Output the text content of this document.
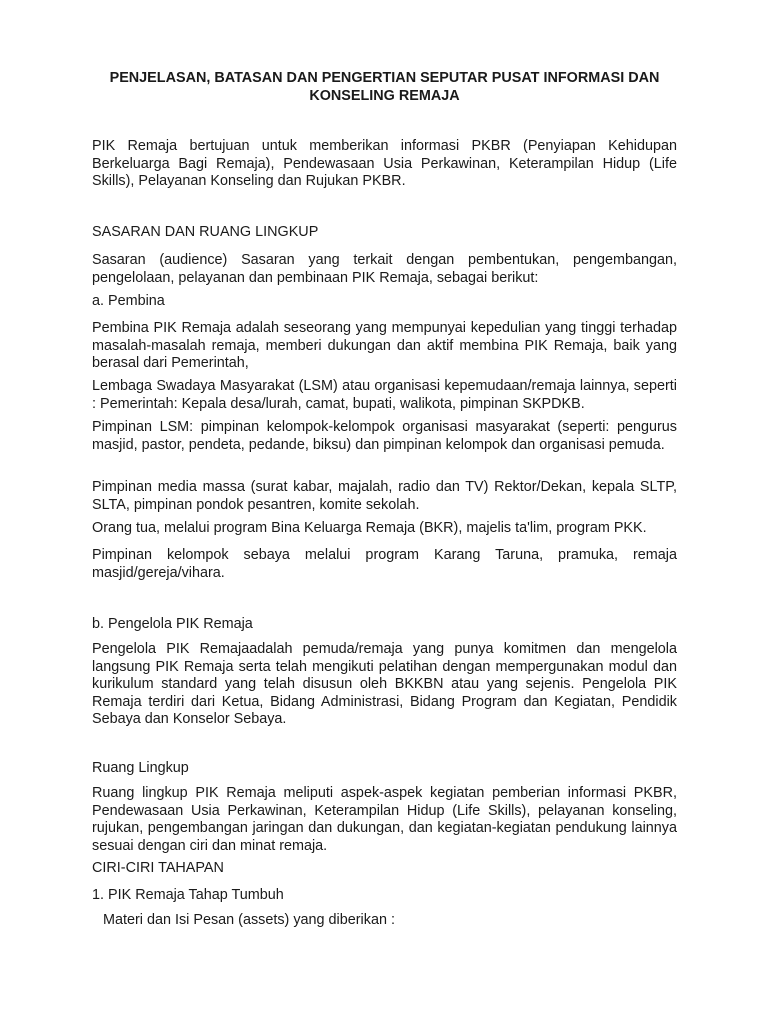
PENJELASAN, BATASAN DAN PENGERTIAN SEPUTAR PUSAT INFORMASI DAN
KONSELING REMAJA

PIK Remaja bertujuan untuk memberikan informasi PKBR (Penyiapan Kehidupan Berkeluarga Bagi Remaja), Pendewasaan Usia Perkawinan, Keterampilan Hidup (Life Skills), Pelayanan Konseling dan Rujukan PKBR.

SASARAN DAN RUANG LINGKUP

Sasaran (audience) Sasaran yang terkait dengan pembentukan, pengembangan, pengelolaan, pelayanan dan pembinaan PIK Remaja, sebagai berikut:

a. Pembina

Pembina PIK Remaja adalah seseorang yang mempunyai kepedulian yang tinggi terhadap masalah-masalah remaja, memberi dukungan dan aktif membina PIK Remaja, baik yang berasal dari Pemerintah,

Lembaga Swadaya Masyarakat (LSM) atau organisasi kepemudaan/remaja lainnya, seperti : Pemerintah: Kepala desa/lurah, camat, bupati, walikota, pimpinan SKPDKB.

Pimpinan LSM: pimpinan kelompok-kelompok organisasi masyarakat (seperti: pengurus masjid, pastor, pendeta, pedande, biksu) dan pimpinan kelompok dan organisasi pemuda.

Pimpinan media massa (surat kabar, majalah, radio dan TV) Rektor/Dekan, kepala SLTP, SLTA, pimpinan pondok pesantren, komite sekolah.

Orang tua, melalui program Bina Keluarga Remaja (BKR), majelis ta'lim, program PKK.

Pimpinan kelompok sebaya melalui program Karang Taruna, pramuka, remaja masjid/gereja/vihara.

b. Pengelola PIK Remaja

Pengelola PIK Remajaadalah pemuda/remaja yang punya komitmen dan mengelola langsung PIK Remaja serta telah mengikuti pelatihan dengan mempergunakan modul dan kurikulum standard yang telah disusun oleh BKKBN atau yang sejenis. Pengelola PIK Remaja terdiri dari Ketua, Bidang Administrasi, Bidang Program dan Kegiatan, Pendidik Sebaya dan Konselor Sebaya.

Ruang Lingkup

Ruang lingkup PIK Remaja meliputi aspek-aspek kegiatan pemberian informasi PKBR, Pendewasaan Usia Perkawinan, Keterampilan Hidup (Life Skills), pelayanan konseling, rujukan, pengembangan jaringan dan dukungan, dan kegiatan-kegiatan pendukung lainnya sesuai dengan ciri dan minat remaja.

CIRI-CIRI TAHAPAN

1. PIK Remaja Tahap Tumbuh

Materi dan Isi Pesan (assets) yang diberikan :
